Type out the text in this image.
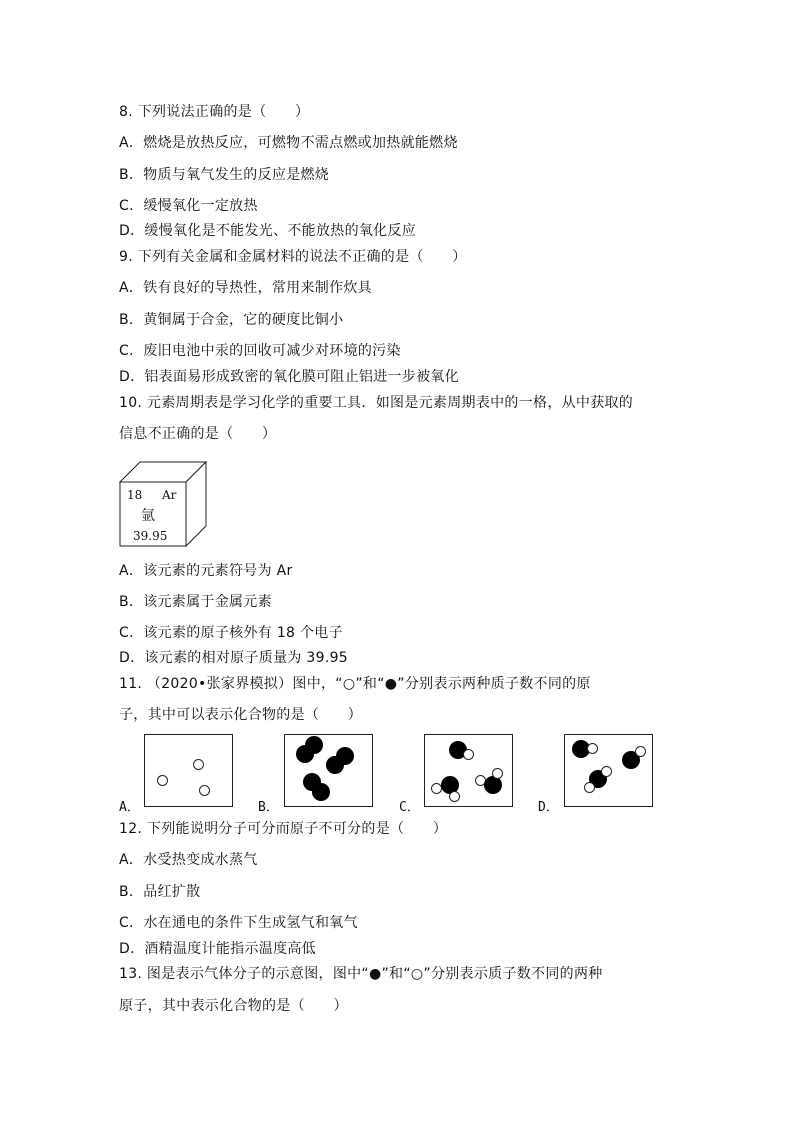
8. 下列说法正确的是（　　）
A．燃烧是放热反应，可燃物不需点燃或加热就能燃烧
B．物质与氧气发生的反应是燃烧
C．缓慢氧化一定放热
D．缓慢氧化是不能发光、不能放热的氧化反应
9. 下列有关金属和金属材料的说法不正确的是（　　）
A．铁有良好的导热性，常用来制作炊具
B．黄铜属于合金，它的硬度比铜小
C．废旧电池中汞的回收可减少对环境的污染
D．铝表面易形成致密的氧化膜可阻止铝进一步被氧化
10. 元素周期表是学习化学的重要工具．如图是元素周期表中的一格，从中获取的
信息不正确的是（　　）
18 Ar
氩
39.95
A．该元素的元素符号为 Ar
B．该元素属于金属元素
C．该元素的原子核外有 18 个电子
D．该元素的相对原子质量为 39.95
11. （2020•张家界模拟）图中，“○”和“●”分别表示两种质子数不同的原
子，其中可以表示化合物的是（　　）
A．	B．	C．	D．
12. 下列能说明分子可分而原子不可分的是（　　）
A．水受热变成水蒸气
B．品红扩散
C．水在通电的条件下生成氢气和氧气
D．酒精温度计能指示温度高低
13. 图是表示气体分子的示意图，图中“●”和“○”分别表示质子数不同的两种
原子，其中表示化合物的是（　　）
